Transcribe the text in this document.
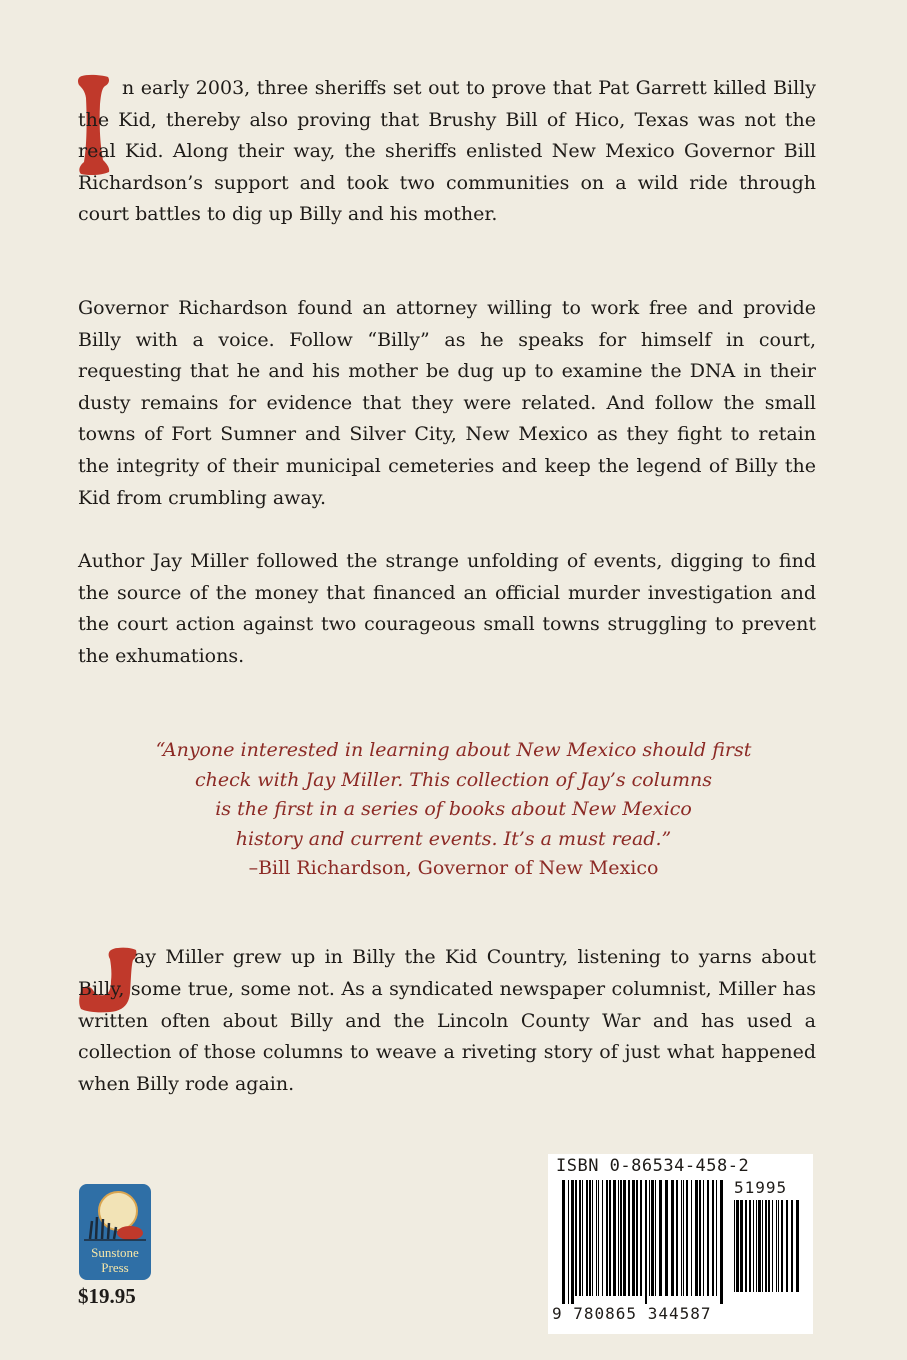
n early 2003, three sheriffs set out to prove that Pat Garrett killed Billy the Kid, thereby also proving that Brushy Bill of Hico, Texas was not the real Kid. Along their way, the sheriffs enlisted New Mexico Governor Bill Richardson’s support and took two communities on a wild ride through court battles to dig up Billy and his mother.

Governor Richardson found an attorney willing to work free and provide Billy with a voice. Follow “Billy” as he speaks for himself in court, requesting that he and his mother be dug up to examine the DNA in their dusty remains for evidence that they were related. And follow the small towns of Fort Sumner and Silver City, New Mexico as they fight to retain the integrity of their municipal cemeteries and keep the legend of Billy the Kid from crumbling away.

Author Jay Miller followed the strange unfolding of events, digging to find the source of the money that financed an official murder investigation and the court action against two courageous small towns struggling to prevent the exhumations.

“Anyone interested in learning about New Mexico should first
check with Jay Miller. This collection of Jay’s columns
is the first in a series of books about New Mexico
history and current events. It’s a must read.”
–Bill Richardson, Governor of New Mexico

ay Miller grew up in Billy the Kid Country, listening to yarns about Billy, some true, some not. As a syndicated newspaper columnist, Miller has written often about Billy and the Lincoln County War and has used a collection of those columns to weave a riveting story of just what happened when Billy rode again.

Sunstone
Press
$19.95
ISBN 0-86534-458-2
51995
9 780865 344587
